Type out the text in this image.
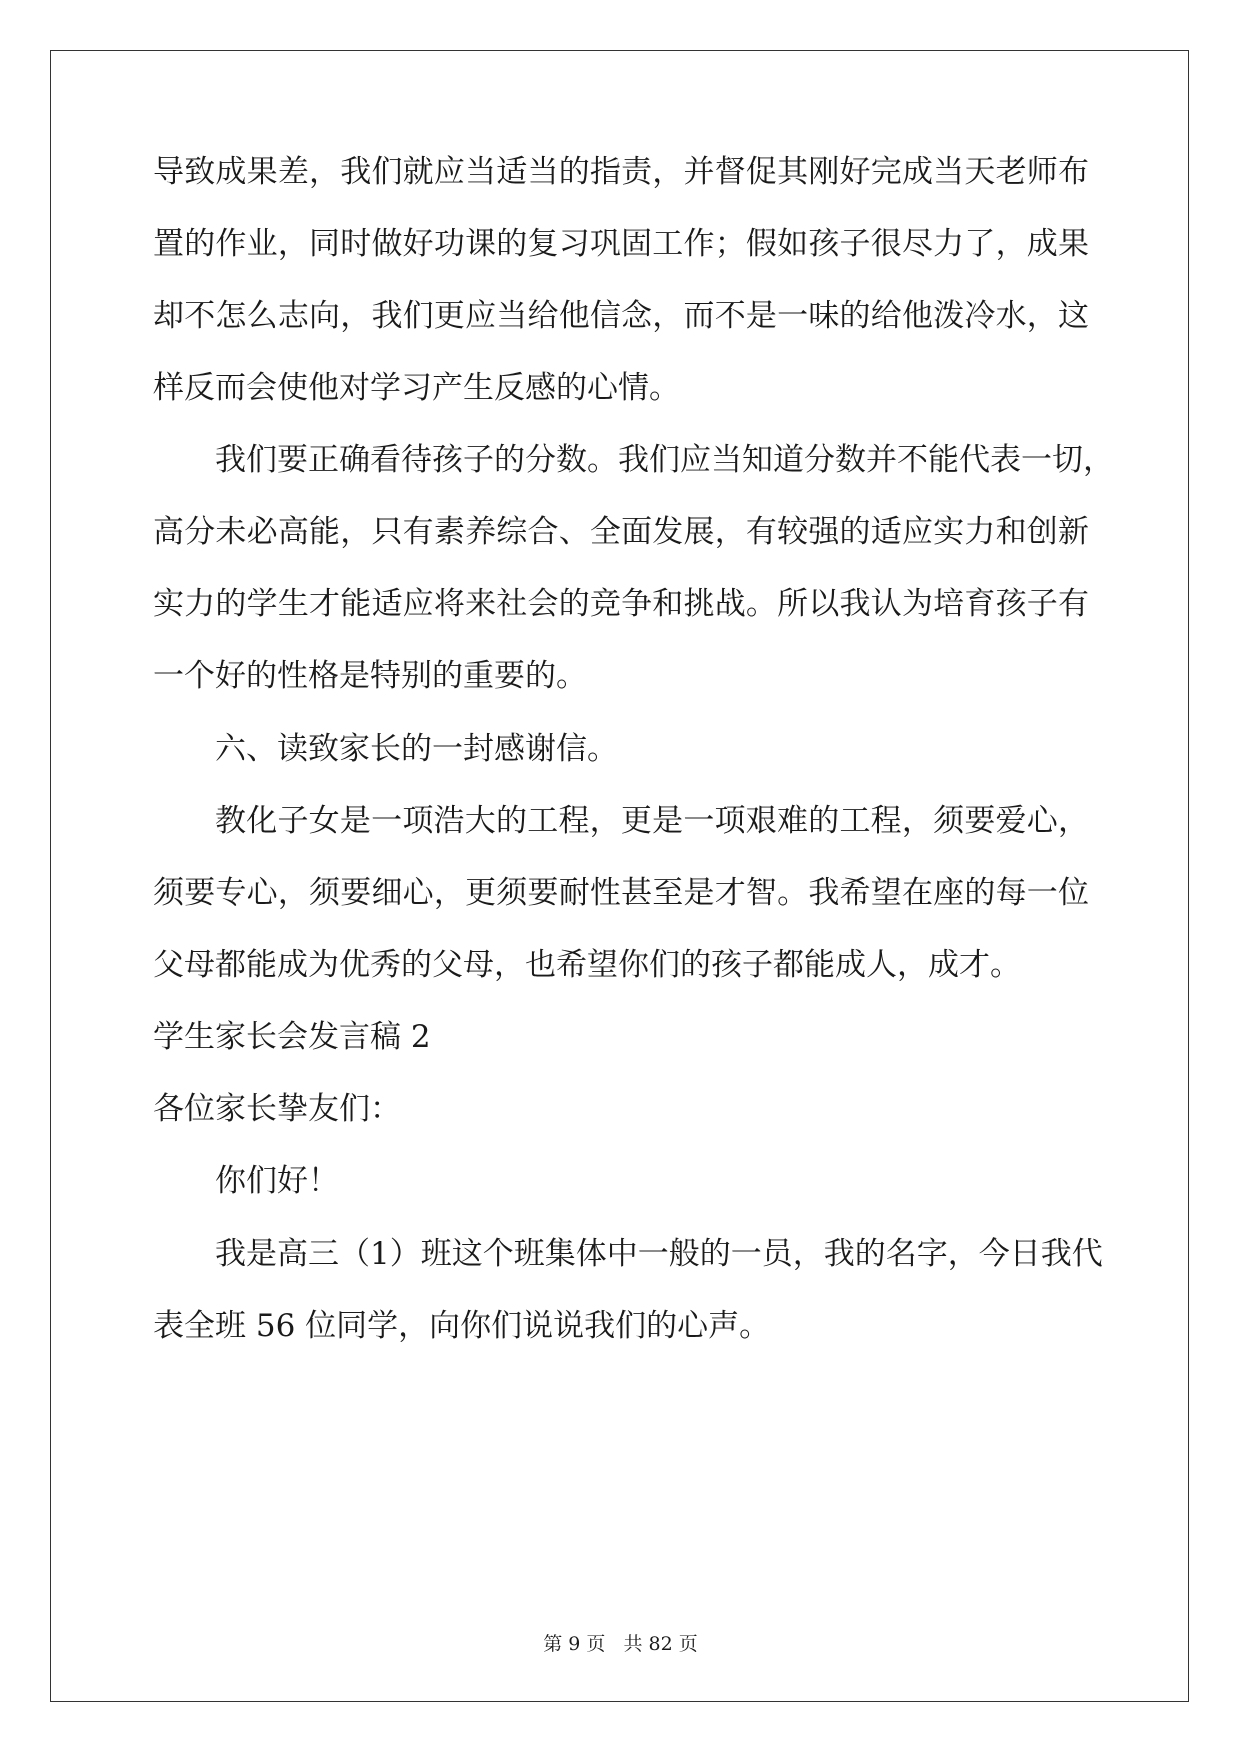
导致成果差，我们就应当适当的指责，并督促其刚好完成当天老师布
置的作业，同时做好功课的复习巩固工作；假如孩子很尽力了，成果
却不怎么志向，我们更应当给他信念，而不是一味的给他泼冷水，这
样反而会使他对学习产生反感的心情。
我们要正确看待孩子的分数。我们应当知道分数并不能代表一切，
高分未必高能，只有素养综合、全面发展，有较强的适应实力和创新
实力的学生才能适应将来社会的竞争和挑战。所以我认为培育孩子有
一个好的性格是特别的重要的。
六、读致家长的一封感谢信。
教化子女是一项浩大的工程，更是一项艰难的工程，须要爱心，
须要专心，须要细心，更须要耐性甚至是才智。我希望在座的每一位
父母都能成为优秀的父母，也希望你们的孩子都能成人，成才。
学生家长会发言稿 2
各位家长挚友们：
你们好！
我是高三（1）班这个班集体中一般的一员，我的名字，今日我代
表全班 56 位同学，向你们说说我们的心声。
第 9 页 共 82 页
